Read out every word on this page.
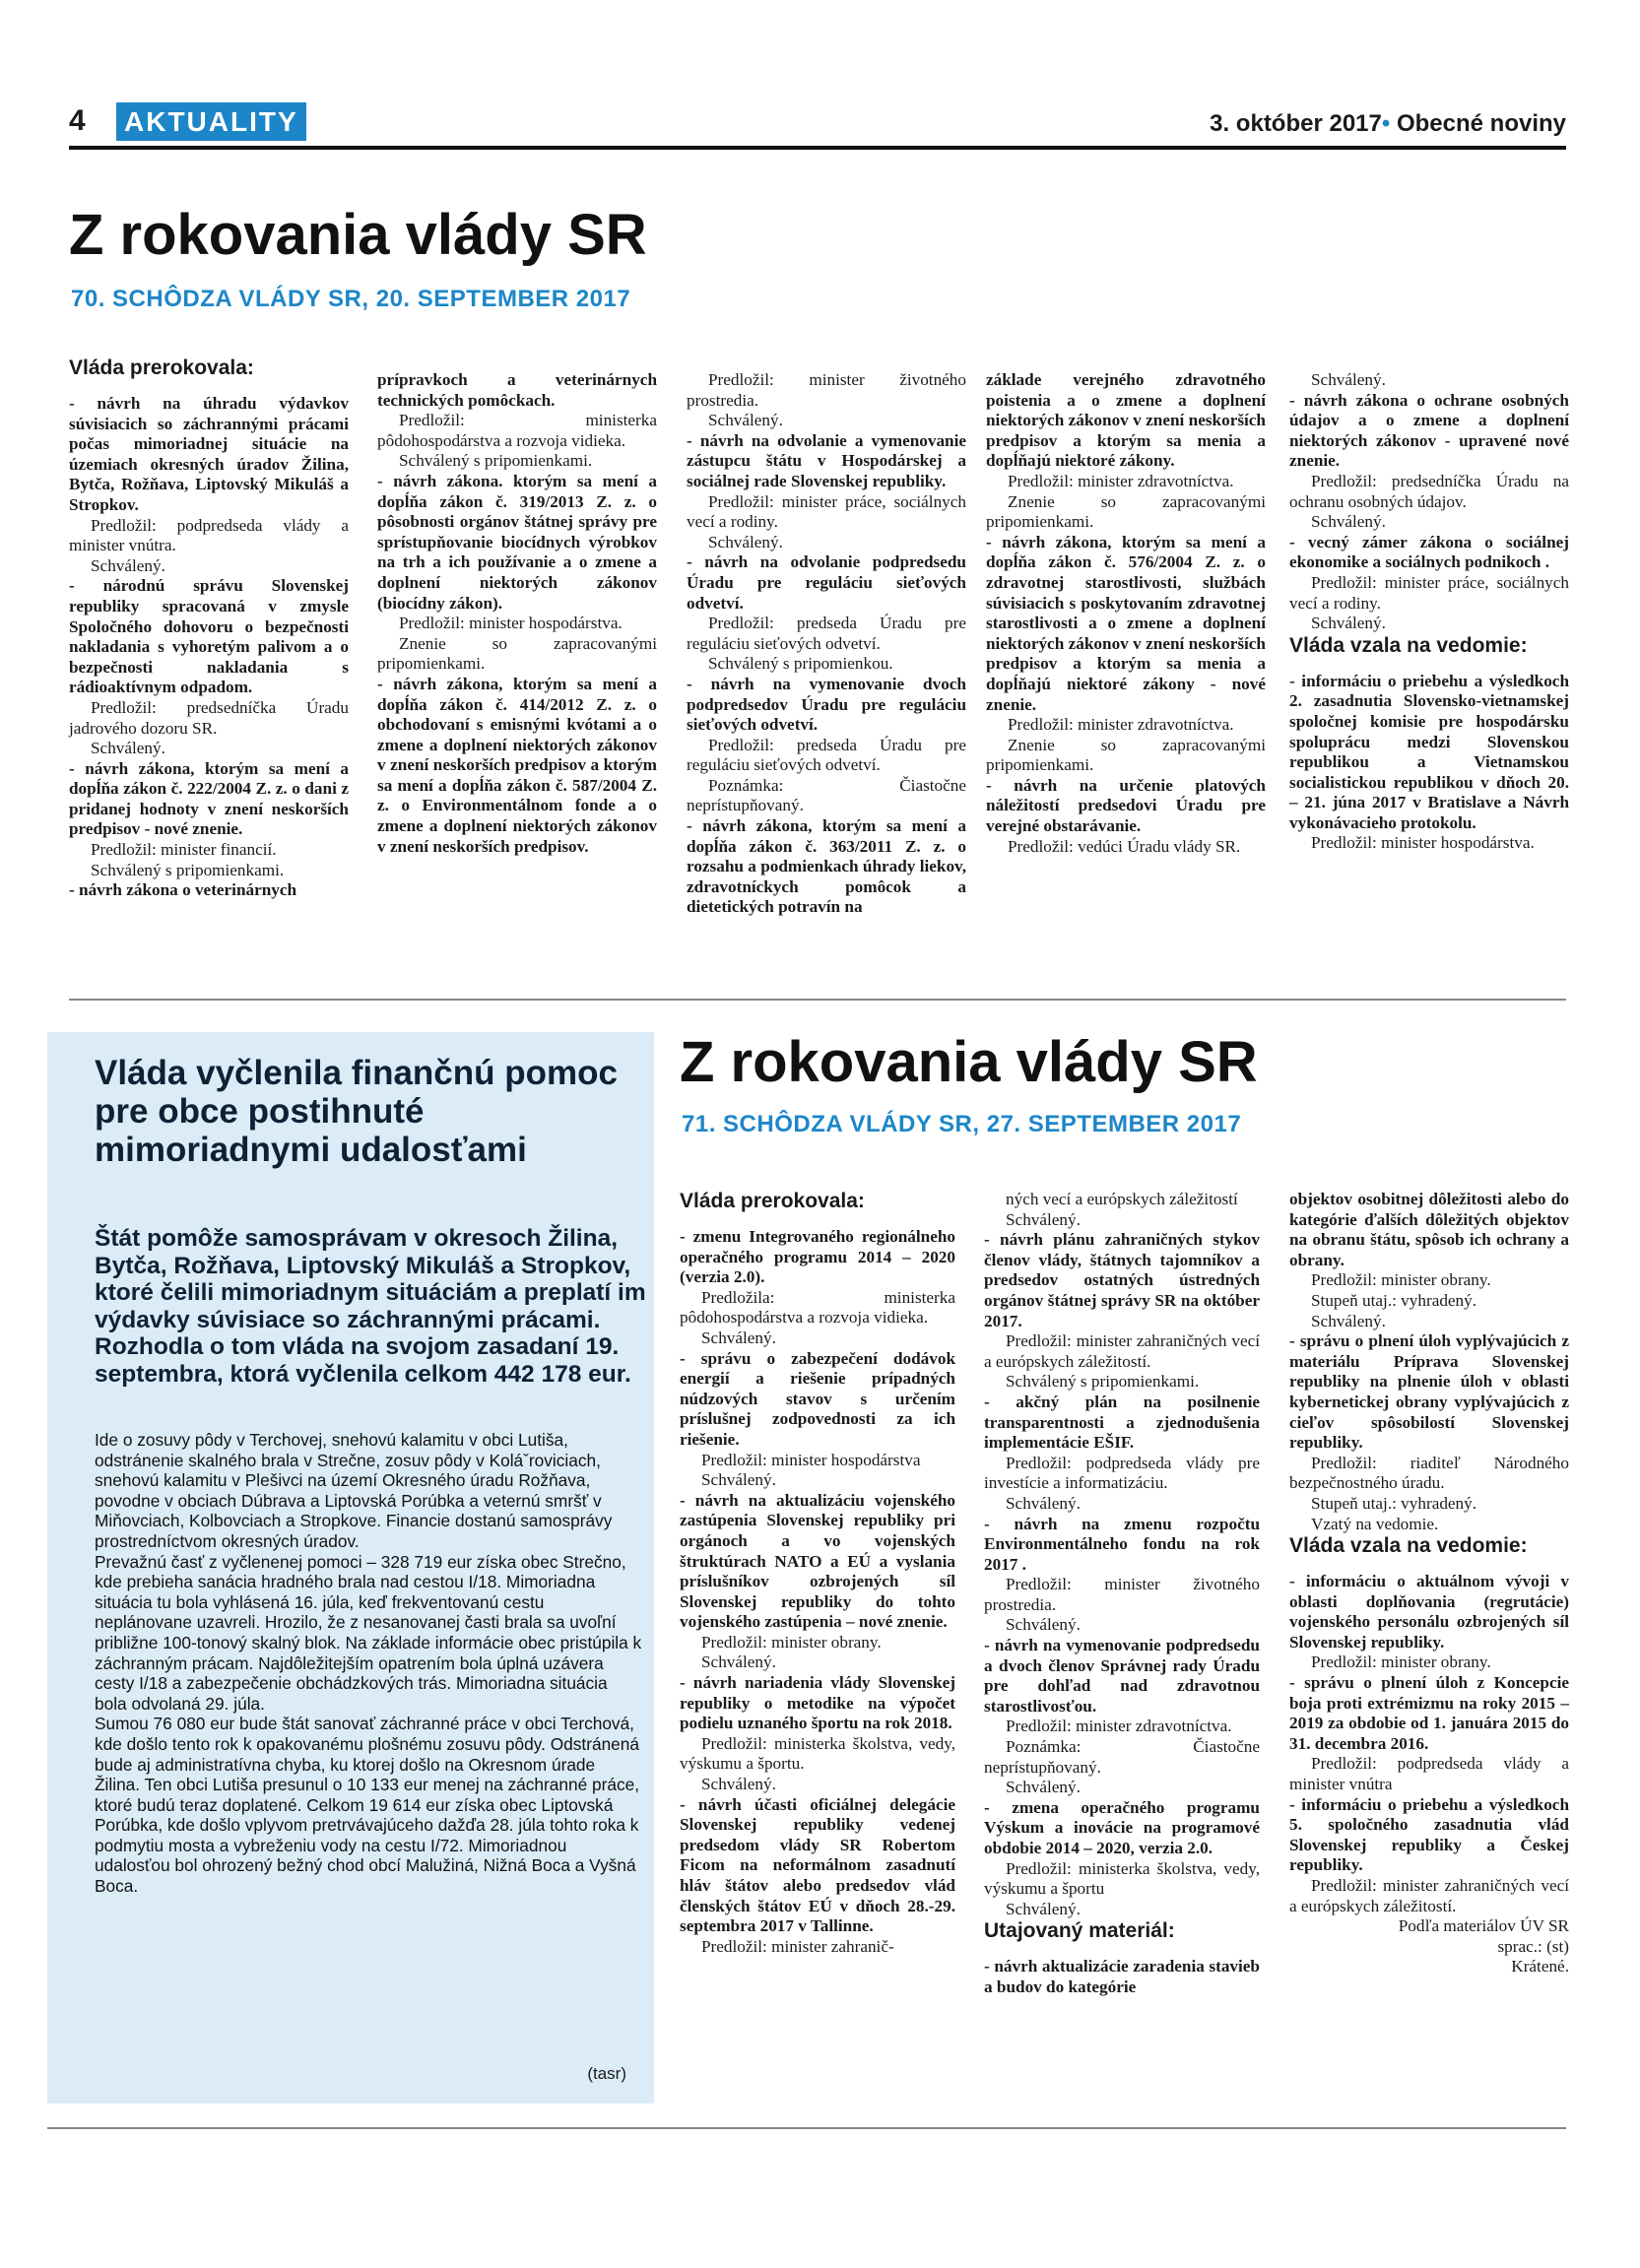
4 AKTUALITY	3. október 2017• Obecné noviny
Z rokovania vlády SR
70. SCHÔDZA VLÁDY SR, 20. SEPTEMBER 2017

Vláda prerokovala:

- návrh na úhradu výdavkov súvisiacich so záchrannými prácami počas mimoriadnej situácie na územiach okresných úradov Žilina, Bytča, Rožňava, Liptovský Mikuláš a Stropkov.

Predložil: podpredseda vlády a minister vnútra.

Schválený.

- národnú správu Slovenskej republiky spracovaná v zmysle Spoločného dohovoru o bezpečnosti nakladania s vyhoretým palivom a o bezpečnosti nakladania s rádioaktívnym odpadom.

Predložil: predsedníčka Úradu jadrového dozoru SR.

Schválený.

- návrh zákona, ktorým sa mení a dopĺňa zákon č. 222/2004 Z. z. o dani z pridanej hodnoty v znení neskorších predpisov - nové znenie.

Predložil: minister financií.

Schválený s pripomienkami.

- návrh zákona o veterinárnych

prípravkoch a veterinárnych technických pomôckach.

Predložil: ministerka pôdohospodárstva a rozvoja vidieka.

Schválený s pripomienkami.

- návrh zákona. ktorým sa mení a dopĺňa zákon č. 319/2013 Z. z. o pôsobnosti orgánov štátnej správy pre sprístupňovanie biocídnych výrobkov na trh a ich používanie a o zmene a doplnení niektorých zákonov (biocídny zákon).

Predložil: minister hospodárstva.

Znenie so zapracovanými pripomienkami.

- návrh zákona, ktorým sa mení a dopĺňa zákon č. 414/2012 Z. z. o obchodovaní s emisnými kvótami a o zmene a doplnení niektorých zákonov v znení neskorších predpisov a ktorým sa mení a dopĺňa zákon č. 587/2004 Z. z. o Environmentálnom fonde a o zmene a doplnení niektorých zákonov v znení neskorších predpisov.

Predložil: minister životného prostredia.

Schválený.

- návrh na odvolanie a vymenovanie zástupcu štátu v Hospodárskej a sociálnej rade Slovenskej republiky.

Predložil: minister práce, sociálnych vecí a rodiny.

Schválený.

- návrh na odvolanie podpredsedu Úradu pre reguláciu sieťových odvetví.

Predložil: predseda Úradu pre reguláciu sieťových odvetví.

Schválený s pripomienkou.

- návrh na vymenovanie dvoch podpredsedov Úradu pre reguláciu sieťových odvetví.

Predložil: predseda Úradu pre reguláciu sieťových odvetví.

Poznámka: Čiastočne neprístupňovaný.

- návrh zákona, ktorým sa mení a dopĺňa zákon č. 363/2011 Z. z. o rozsahu a podmienkach úhrady liekov, zdravotníckych pomôcok a dietetických potravín na

základe verejného zdravotného poistenia a o zmene a doplnení niektorých zákonov v znení neskorších predpisov a ktorým sa menia a dopĺňajú niektoré zákony.

Predložil: minister zdravotníctva.

Znenie so zapracovanými pripomienkami.

- návrh zákona, ktorým sa mení a dopĺňa zákon č. 576/2004 Z. z. o zdravotnej starostlivosti, službách súvisiacich s poskytovaním zdravotnej starostlivosti a o zmene a doplnení niektorých zákonov v znení neskorších predpisov a ktorým sa menia a dopĺňajú niektoré zákony - nové znenie.

Predložil: minister zdravotníctva.

Znenie so zapracovanými pripomienkami.

- návrh na určenie platových náležitostí predsedovi Úradu pre verejné obstarávanie.

Predložil: vedúci Úradu vlády SR.

Schválený.

- návrh zákona o ochrane osobných údajov a o zmene a doplnení niektorých zákonov - upravené nové znenie.

Predložil: predsedníčka Úradu na ochranu osobných údajov.

Schválený.

- vecný zámer zákona o sociálnej ekonomike a sociálnych podnikoch .

Predložil: minister práce, sociálnych vecí a rodiny.

Schválený.

Vláda vzala na vedomie:

- informáciu o priebehu a výsledkoch 2. zasadnutia Slovensko-vietnamskej spoločnej komisie pre hospodársku spoluprácu medzi Slovenskou republikou a Vietnamskou socialistickou republikou v dňoch 20. – 21. júna 2017 v Bratislave a Návrh vykonávacieho protokolu.

Predložil: minister hospodárstva.

Vláda vyčlenila finančnú pomoc pre obce postihnuté mimoriadnymi udalosťami
Štát pomôže samosprávam v okresoch Žilina, Bytča, Rožňava, Liptovský Mikuláš a Stropkov, ktoré čelili mimoriadnym situáciám a preplatí im výdavky súvisiace so záchrannými prácami. Rozhodla o tom vláda na svojom zasadaní 19. septembra, ktorá vyčlenila celkom 442 178 eur.

Ide o zosuvy pôdy v Terchovej, snehovú kalamitu v obci Lutiša, odstránenie skalného brala v Strečne, zosuv pôdy v Koláˇroviciach, snehovú kalamitu v Plešivci na území Okresného úradu Rožňava, povodne v obciach Dúbrava a Liptovská Porúbka a veternú smršť v Miňovciach, Kolbovciach a Stropkove. Financie dostanú samosprávy prostredníctvom okresných úradov.

Prevažnú časť z vyčlenenej pomoci – 328 719 eur získa obec Strečno, kde prebieha sanácia hradného brala nad cestou I/18. Mimoriadna situácia tu bola vyhlásená 16. júla, keď frekventovanú cestu neplánovane uzavreli. Hrozilo, že z nesanovanej časti brala sa uvoľní približne 100-tonový skalný blok. Na základe informácie obec pristúpila k záchranným prácam. Najdôležitejším opatrením bola úplná uzávera cesty I/18 a zabezpečenie obchádzkových trás. Mimoriadna situácia bola odvolaná 29. júla.

Sumou 76 080 eur bude štát sanovať záchranné práce v obci Terchová, kde došlo tento rok k opakovanému plošnému zosuvu pôdy. Odstránená bude aj administratívna chyba, ku ktorej došlo na Okresnom úrade Žilina. Ten obci Lutiša presunul o 10 133 eur menej na záchranné práce, ktoré budú teraz doplatené. Celkom 19 614 eur získa obec Liptovská Porúbka, kde došlo vplyvom pretrvávajúceho dažďa 28. júla tohto roka k podmytiu mosta a vybreženiu vody na cestu I/72. Mimoriadnou udalosťou bol ohrozený bežný chod obcí Malužiná, Nižná Boca a Vyšná Boca.

(tasr)
Z rokovania vlády SR
71. SCHÔDZA VLÁDY SR, 27. SEPTEMBER 2017

Vláda prerokovala:

- zmenu Integrovaného regionálneho operačného programu 2014 – 2020 (verzia 2.0).

Predložila: ministerka pôdohospodárstva a rozvoja vidieka.

Schválený.

- správu o zabezpečení dodávok energií a riešenie prípadných núdzových stavov s určením príslušnej zodpovednosti za ich riešenie.

Predložil: minister hospodárstva

Schválený.

- návrh na aktualizáciu vojenského zastúpenia Slovenskej republiky pri orgánoch a vo vojenských štruktúrach NATO a EÚ a vyslania príslušníkov ozbrojených síl Slovenskej republiky do tohto vojenského zastúpenia – nové znenie.

Predložil: minister obrany.

Schválený.

- návrh nariadenia vlády Slovenskej republiky o metodike na výpočet podielu uznaného športu na rok 2018.

Predložil: ministerka školstva, vedy, výskumu a športu.

Schválený.

- návrh účasti oficiálnej delegácie Slovenskej republiky vedenej predsedom vlády SR Robertom Ficom na neformálnom zasadnutí hláv štátov alebo predsedov vlád členských štátov EÚ v dňoch 28.-29. septembra 2017 v Tallinne.

Predložil: minister zahranič-

ných vecí a európskych záležitostí

Schválený.

- návrh plánu zahraničných stykov členov vlády, štátnych tajomníkov a predsedov ostatných ústredných orgánov štátnej správy SR na október 2017.

Predložil: minister zahraničných vecí a európskych záležitostí.

Schválený s pripomienkami.

- akčný plán na posilnenie transparentnosti a zjednodušenia implementácie EŠIF.

Predložil: podpredseda vlády pre investície a informatizáciu.

Schválený.

- návrh na zmenu rozpočtu Environmentálneho fondu na rok 2017 .

Predložil: minister životného prostredia.

Schválený.

- návrh na vymenovanie podpredsedu a dvoch členov Správnej rady Úradu pre dohľad nad zdravotnou starostlivosťou.

Predložil: minister zdravotníctva.

Poznámka: Čiastočne neprístupňovaný.

Schválený.

- zmena operačného programu Výskum a inovácie na programové obdobie 2014 – 2020, verzia 2.0.

Predložil: ministerka školstva, vedy, výskumu a športu

Schválený.

Utajovaný materiál:

- návrh aktualizácie zaradenia stavieb a budov do kategórie

objektov osobitnej dôležitosti alebo do kategórie ďalších dôležitých objektov na obranu štátu, spôsob ich ochrany a obrany.

Predložil: minister obrany.

Stupeň utaj.: vyhradený.

Schválený.

- správu o plnení úloh vyplývajúcich z materiálu Príprava Slovenskej republiky na plnenie úloh v oblasti kybernetickej obrany vyplývajúcich z cieľov spôsobilostí Slovenskej republiky.

Predložil: riaditeľ Národného bezpečnostného úradu.

Stupeň utaj.: vyhradený.

Vzatý na vedomie.

Vláda vzala na vedomie:

- informáciu o aktuálnom vývoji v oblasti doplňovania (regrutácie) vojenského personálu ozbrojených síl Slovenskej republiky.

Predložil: minister obrany.

- správu o plnení úloh z Koncepcie boja proti extrémizmu na roky 2015 – 2019 za obdobie od 1. januára 2015 do 31. decembra 2016.

Predložil: podpredseda vlády a minister vnútra

- informáciu o priebehu a výsledkoch 5. spoločného zasadnutia vlád Slovenskej republiky a Českej republiky.

Predložil: minister zahraničných vecí a európskych záležitostí.

Podľa materiálov ÚV SR

sprac.: (st)

Krátené.
